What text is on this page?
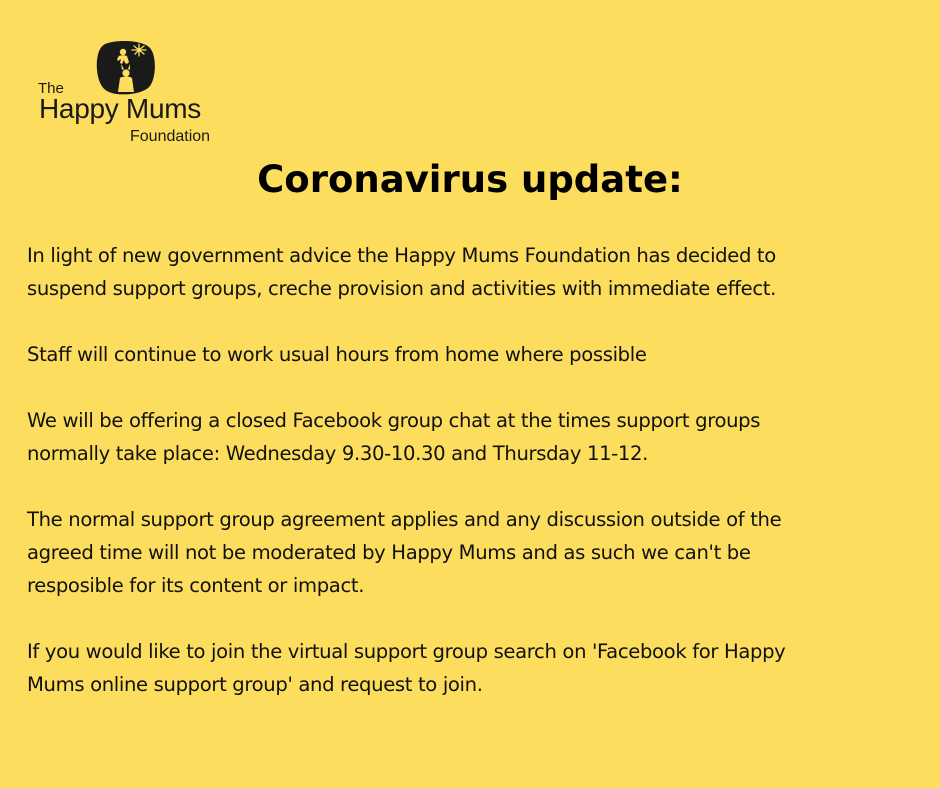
The
Happy Mums
Foundation
Coronavirus update:

In light of new government advice the Happy Mums Foundation has decided to
suspend support groups, creche provision and activities with immediate effect.

Staff will continue to work usual hours from home where possible

We will be offering a closed Facebook group chat at the times support groups
normally take place: Wednesday 9.30-10.30 and Thursday 11-12.

The normal support group agreement applies and any discussion outside of the
agreed time will not be moderated by Happy Mums and as such we can't be
resposible for its content or impact.

If you would like to join the virtual support group search on 'Facebook for Happy
Mums online support group' and request to join.
